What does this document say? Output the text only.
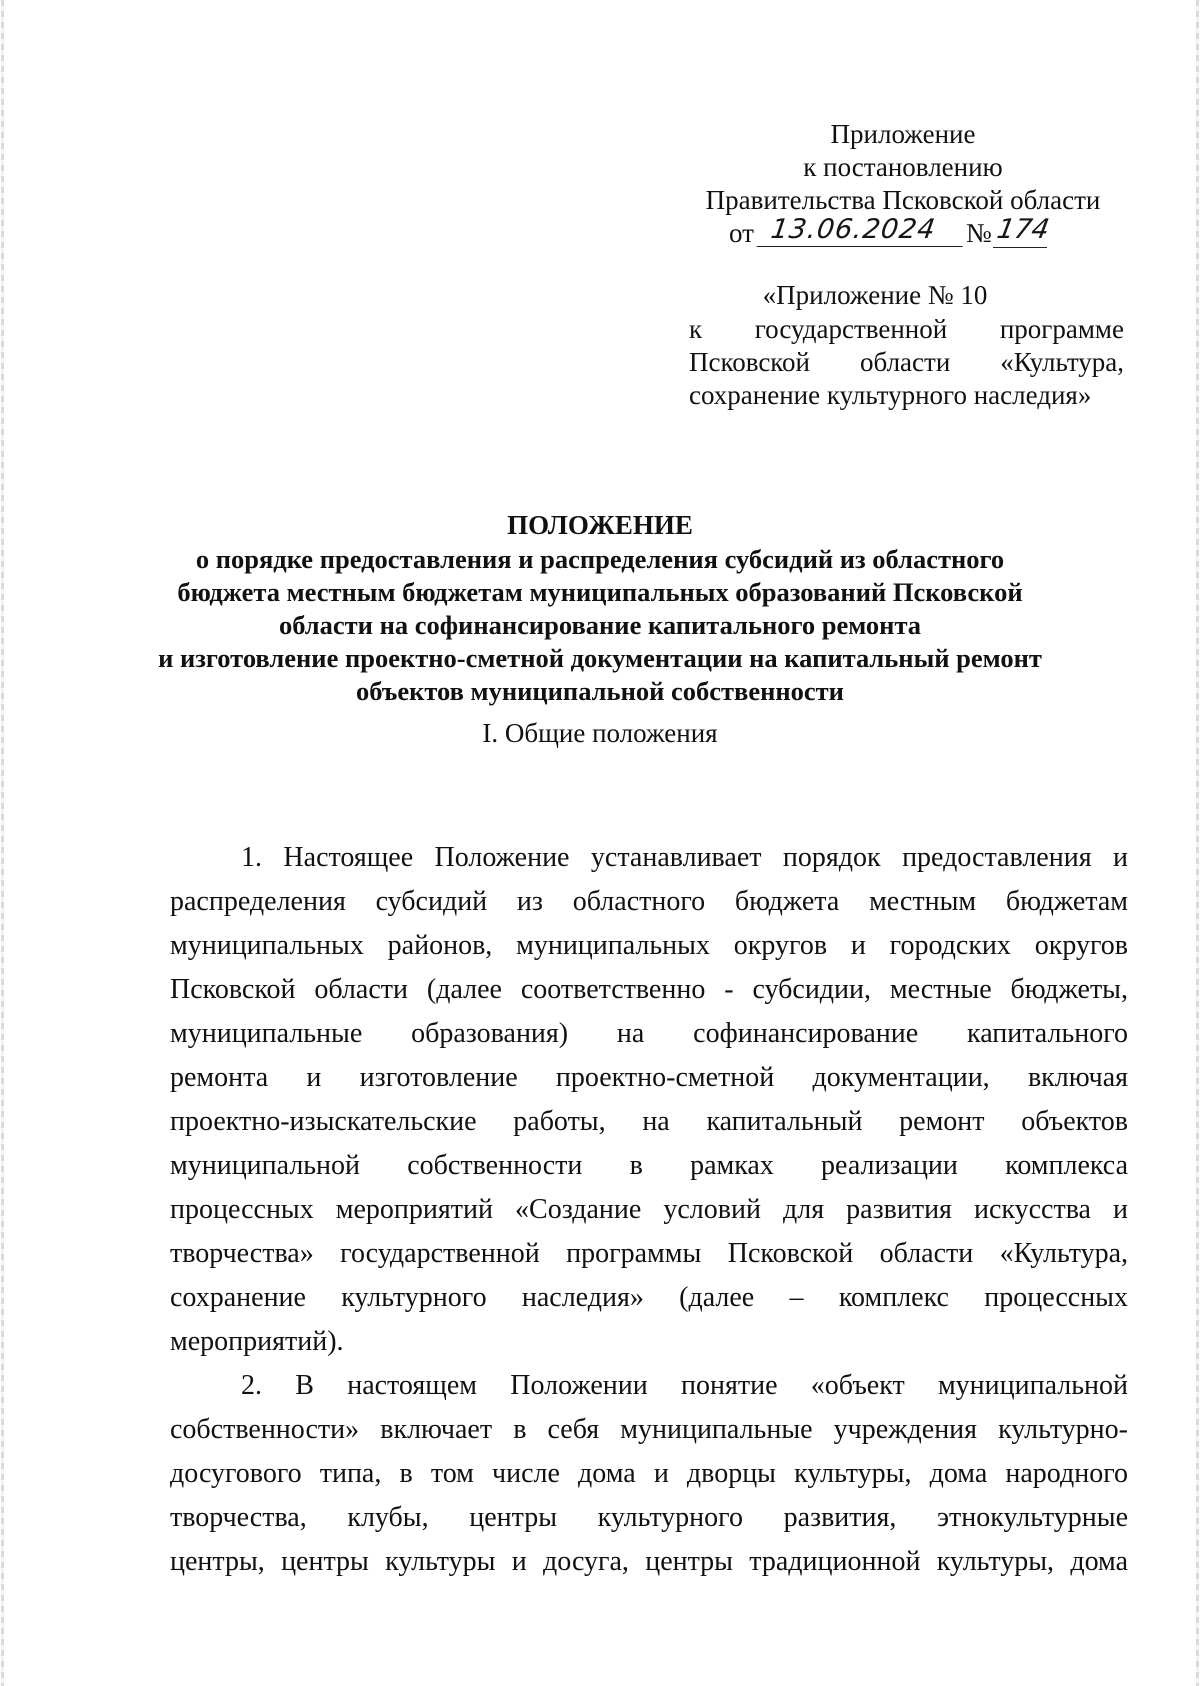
Приложение
к постановлению
Правительства Псковской области
от 13.06.2024	№ 174
«Приложение № 10
к государственной программе
Псковской области «Культура,
сохранение культурного наследия»
ПОЛОЖЕНИЕ
о порядке предоставления и распределения субсидий из областного
бюджета местным бюджетам муниципальных образований Псковской
области на софинансирование капитального ремонта
и изготовление проектно-сметной документации на капитальный ремонт
объектов муниципальной собственности
I. Общие положения
1. Настоящее Положение устанавливает порядок предоставления и
распределения субсидий из областного бюджета местным бюджетам
муниципальных районов, муниципальных округов и городских округов
Псковской области (далее соответственно - субсидии, местные бюджеты,
муниципальные образования) на софинансирование капитального
ремонта и изготовление проектно-сметной документации, включая
проектно-изыскательские работы, на капитальный ремонт объектов
муниципальной собственности в рамках реализации комплекса
процессных мероприятий «Создание условий для развития искусства и
творчества» государственной программы Псковской области «Культура,
сохранение культурного наследия» (далее – комплекс процессных
мероприятий).
2. В настоящем Положении понятие «объект муниципальной
собственности» включает в себя муниципальные учреждения культурно-
досугового типа, в том числе дома и дворцы культуры, дома народного
творчества, клубы, центры культурного развития, этнокультурные
центры, центры культуры и досуга, центры традиционной культуры, дома
